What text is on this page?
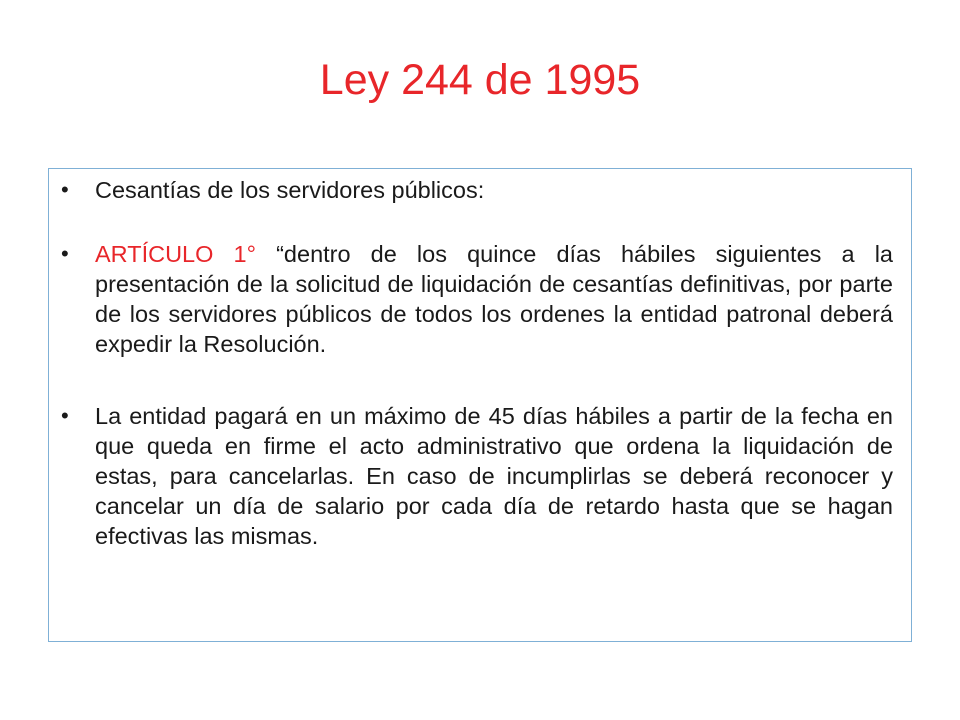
Ley 244 de 1995
• Cesantías de los servidores públicos:
• ARTÍCULO 1° “dentro de los quince días hábiles siguientes a la presentación de la solicitud de liquidación de cesantías definitivas, por parte de los servidores públicos de todos los ordenes la entidad patronal deberá expedir la Resolución.
• La entidad pagará en un máximo de 45 días hábiles a partir de la fecha en que queda en firme el acto administrativo que ordena la liquidación de estas, para cancelarlas. En caso de incumplirlas se deberá reconocer y cancelar un día de salario por cada día de retardo hasta que se hagan efectivas las mismas.
